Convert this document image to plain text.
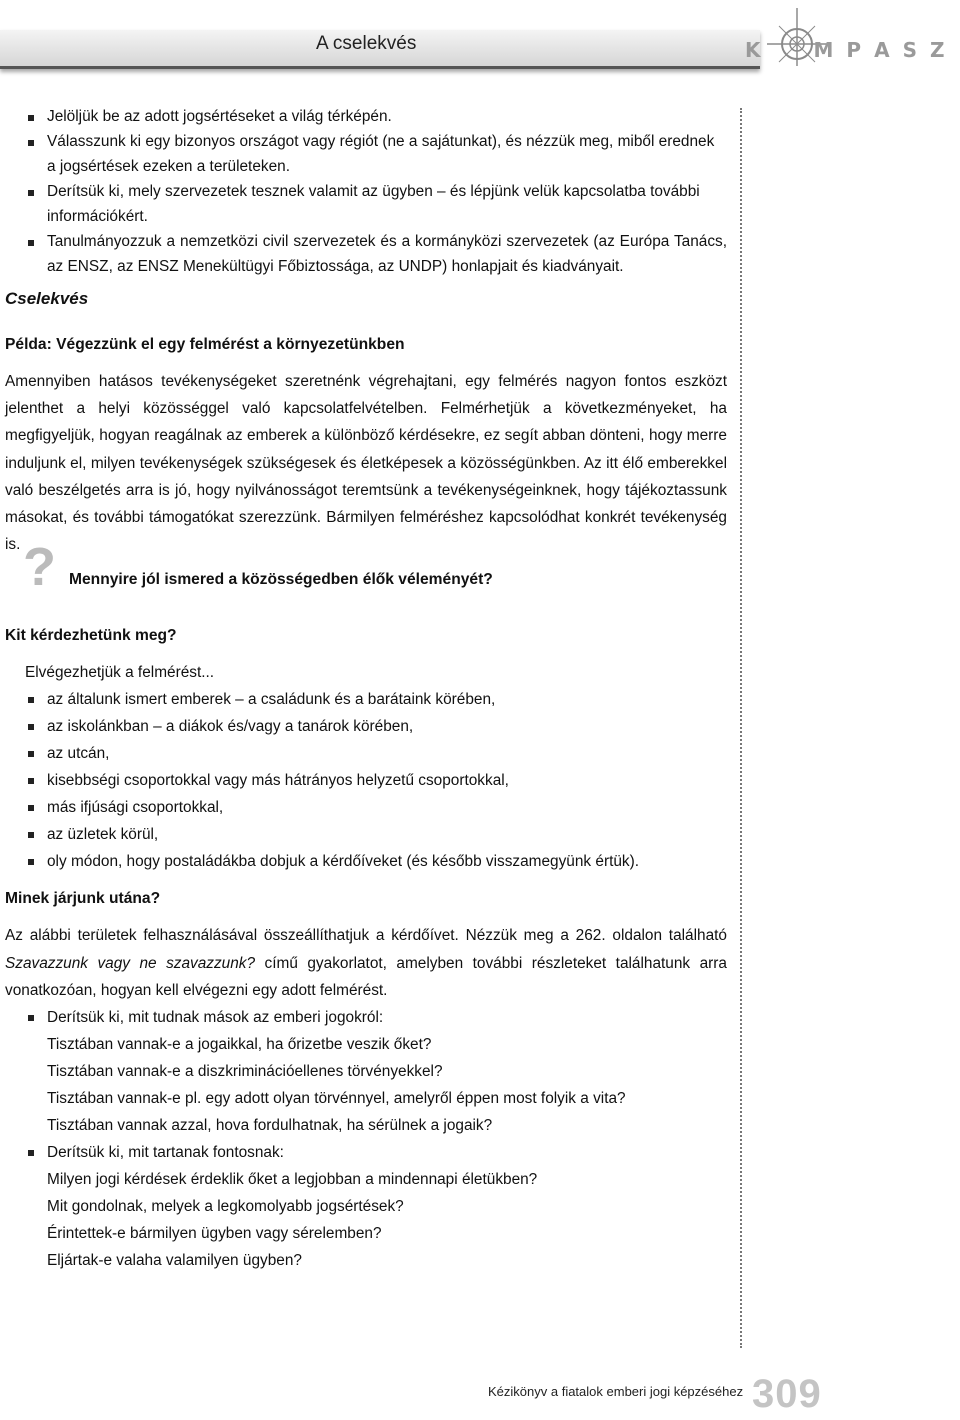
A cselekvés	K MPASZ
Jelöljük be az adott jogsértéseket a világ térképén.
Válasszunk ki egy bizonyos országot vagy régiót (ne a sajátunkat), és nézzük meg, miből erednek a jogsértések ezeken a területeken.
Derítsük ki, mely szervezetek tesznek valamit az ügyben – és lépjünk velük kapcsolatba további információkért.
Tanulmányozzuk a nemzetközi civil szervezetek és a kormányközi szervezetek (az Európa Tanács, az ENSZ, az ENSZ Menekültügyi Főbiztossága, az UNDP) honlapjait és kiadványait.
Cselekvés
Példa: Végezzünk el egy felmérést a környezetünkben
Amennyiben hatásos tevékenységeket szeretnénk végrehajtani, egy felmérés nagyon fontos eszközt jelenthet a helyi közösséggel való kapcsolatfelvételben. Felmérhetjük a következményeket, ha megfigyeljük, hogyan reagálnak az emberek a különböző kérdésekre, ez segít abban dönteni, hogy merre induljunk el, milyen tevékenységek szükségesek és életképesek a közösségünkben. Az itt élő emberekkel való beszélgetés arra is jó, hogy nyilvánosságot teremtsünk a tevékenységeinknek, hogy tájékoztassunk másokat, és további támogatókat szerezzünk. Bármilyen felméréshez kapcsolódhat konkrét tevékenység is. ? Mennyire jól ismered a közösségedben élők véleményét?
Kit kérdezhetünk meg?
Elvégezhetjük a felmérést...
az általunk ismert emberek – a családunk és a barátaink körében,
az iskolánkban – a diákok és/vagy a tanárok körében,
az utcán,
kisebbségi csoportokkal vagy más hátrányos helyzetű csoportokkal,
más ifjúsági csoportokkal,
az üzletek körül,
oly módon, hogy postaládákba dobjuk a kérdőíveket (és később visszamegyünk értük).
Minek járjunk utána?
Az alábbi területek felhasználásával összeállíthatjuk a kérdőívet. Nézzük meg a 262. oldalon található Szavazzunk vagy ne szavazzunk? című gyakorlatot, amelyben további részleteket találhatunk arra vonatkozóan, hogyan kell elvégezni egy adott felmérést.
Derítsük ki, mit tudnak mások az emberi jogokról:
Tisztában vannak-e a jogaikkal, ha őrizetbe veszik őket?
Tisztában vannak-e a diszkriminációellenes törvényekkel?
Tisztában vannak-e pl. egy adott olyan törvénnyel, amelyről éppen most folyik a vita?
Tisztában vannak azzal, hova fordulhatnak, ha sérülnek a jogaik?
Derítsük ki, mit tartanak fontosnak:
Milyen jogi kérdések érdeklik őket a legjobban a mindennapi életükben?
Mit gondolnak, melyek a legkomolyabb jogsértések?
Érintettek-e bármilyen ügyben vagy sérelemben?
Eljártak-e valaha valamilyen ügyben?
Kézikönyv a fiatalok emberi jogi képzéséhez 309
